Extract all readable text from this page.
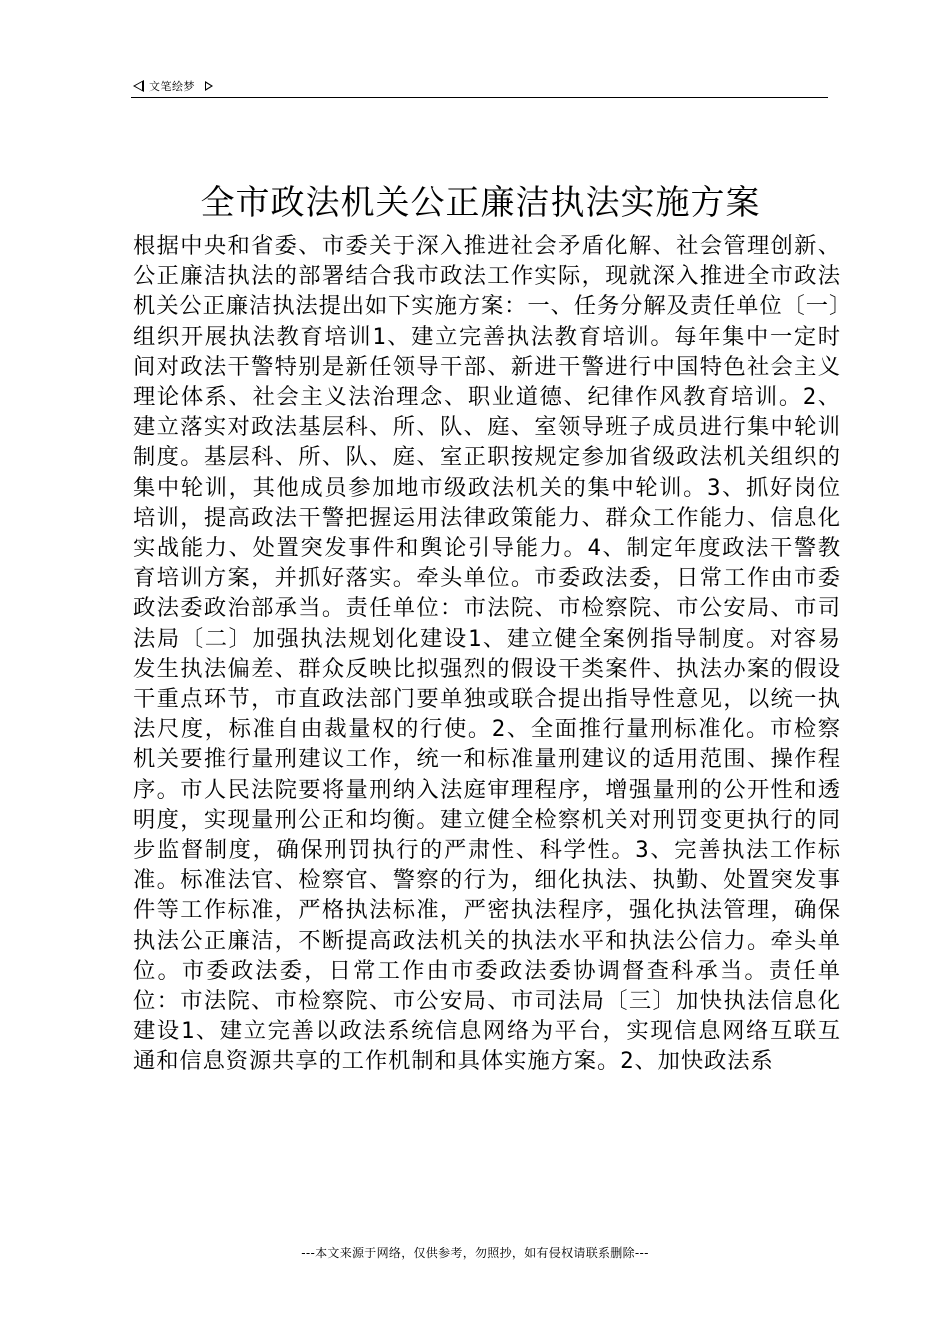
文笔绘梦
全市政法机关公正廉洁执法实施方案

根据中央和省委、市委关于深入推进社会矛盾化解、社会管理创新、公正廉洁执法的部署结合我市政法工作实际，现就深入推进全市政法机关公正廉洁执法提出如下实施方案：一、任务分解及责任单位〔一〕组织开展执法教育培训1、建立完善执法教育培训。每年集中一定时间对政法干警特别是新任领导干部、新进干警进行中国特色社会主义理论体系、社会主义法治理念、职业道德、纪律作风教育培训。2、建立落实对政法基层科、所、队、庭、室领导班子成员进行集中轮训制度。基层科、所、队、庭、室正职按规定参加省级政法机关组织的集中轮训，其他成员参加地市级政法机关的集中轮训。3、抓好岗位培训，提高政法干警把握运用法律政策能力、群众工作能力、信息化实战能力、处置突发事件和舆论引导能力。4、制定年度政法干警教育培训方案，并抓好落实。牵头单位。市委政法委，日常工作由市委政法委政治部承当。责任单位：市法院、市检察院、市公安局、市司法局〔二〕加强执法规划化建设1、建立健全案例指导制度。对容易发生执法偏差、群众反映比拟强烈的假设干类案件、执法办案的假设干重点环节，市直政法部门要单独或联合提出指导性意见，以统一执法尺度，标准自由裁量权的行使。2、全面推行量刑标准化。市检察机关要推行量刑建议工作，统一和标准量刑建议的适用范围、操作程序。市人民法院要将量刑纳入法庭审理程序，增强量刑的公开性和透明度，实现量刑公正和均衡。建立健全检察机关对刑罚变更执行的同步监督制度，确保刑罚执行的严肃性、科学性。3、完善执法工作标准。标准法官、检察官、警察的行为，细化执法、执勤、处置突发事件等工作标准，严格执法标准，严密执法程序，强化执法管理，确保执法公正廉洁，不断提高政法机关的执法水平和执法公信力。牵头单位。市委政法委，日常工作由市委政法委协调督查科承当。责任单位：市法院、市检察院、市公安局、市司法局〔三〕加快执法信息化建设1、建立完善以政法系统信息网络为平台，实现信息网络互联互通和信息资源共享的工作机制和具体实施方案。2、加快政法系

---本文来源于网络，仅供参考，勿照抄，如有侵权请联系删除---
